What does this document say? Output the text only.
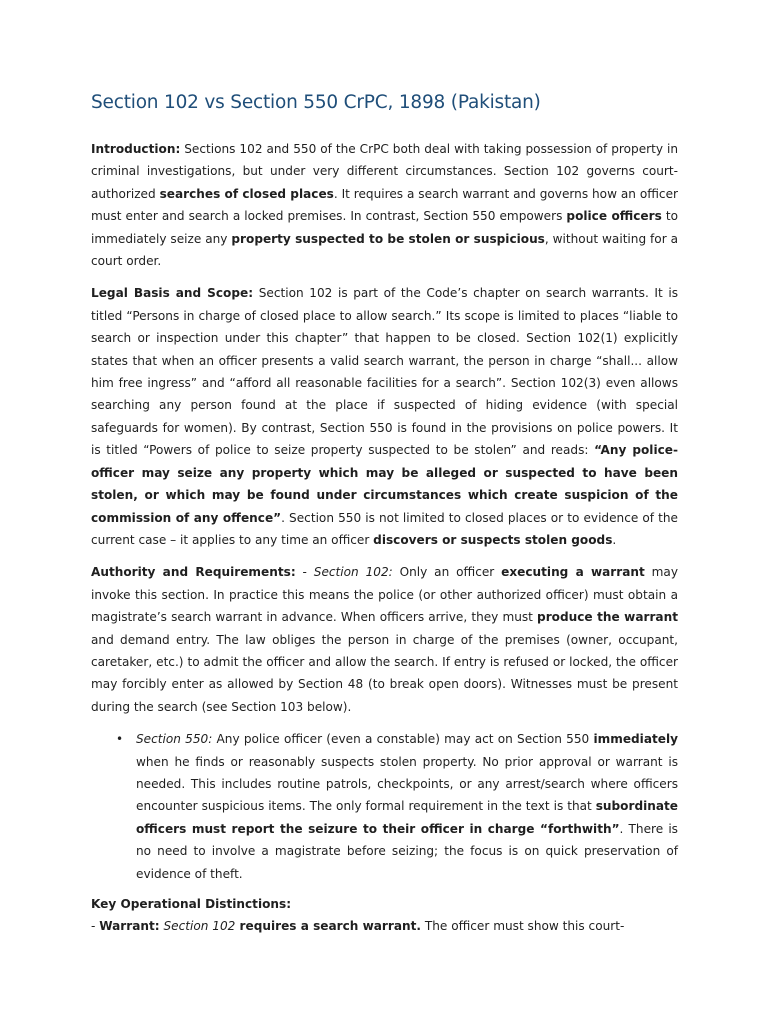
Section 102 vs Section 550 CrPC, 1898 (Pakistan)

Introduction: Sections 102 and 550 of the CrPC both deal with taking possession of property in criminal investigations, but under very different circumstances. Section 102 governs court-authorized searches of closed places. It requires a search warrant and governs how an officer must enter and search a locked premises. In contrast, Section 550 empowers police officers to immediately seize any property suspected to be stolen or suspicious, without waiting for a court order.

Legal Basis and Scope: Section 102 is part of the Code’s chapter on search warrants. It is titled “Persons in charge of closed place to allow search.” Its scope is limited to places “liable to search or inspection under this chapter” that happen to be closed. Section 102(1) explicitly states that when an officer presents a valid search warrant, the person in charge “shall... allow him free ingress” and “afford all reasonable facilities for a search”. Section 102(3) even allows searching any person found at the place if suspected of hiding evidence (with special safeguards for women). By contrast, Section 550 is found in the provisions on police powers. It is titled “Powers of police to seize property suspected to be stolen” and reads: “Any police-officer may seize any property which may be alleged or suspected to have been stolen, or which may be found under circumstances which create suspicion of the commission of any offence”. Section 550 is not limited to closed places or to evidence of the current case – it applies to any time an officer discovers or suspects stolen goods.

Authority and Requirements: - Section 102: Only an officer executing a warrant may invoke this section. In practice this means the police (or other authorized officer) must obtain a magistrate’s search warrant in advance. When officers arrive, they must produce the warrant and demand entry. The law obliges the person in charge of the premises (owner, occupant, caretaker, etc.) to admit the officer and allow the search. If entry is refused or locked, the officer may forcibly enter as allowed by Section 48 (to break open doors). Witnesses must be present during the search (see Section 103 below).

• Section 550: Any police officer (even a constable) may act on Section 550 immediately when he finds or reasonably suspects stolen property. No prior approval or warrant is needed. This includes routine patrols, checkpoints, or any arrest/search where officers encounter suspicious items. The only formal requirement in the text is that subordinate officers must report the seizure to their officer in charge “forthwith”. There is no need to involve a magistrate before seizing; the focus is on quick preservation of evidence of theft.

Key Operational Distinctions:

- Warrant: Section 102 requires a search warrant. The officer must show this court-
